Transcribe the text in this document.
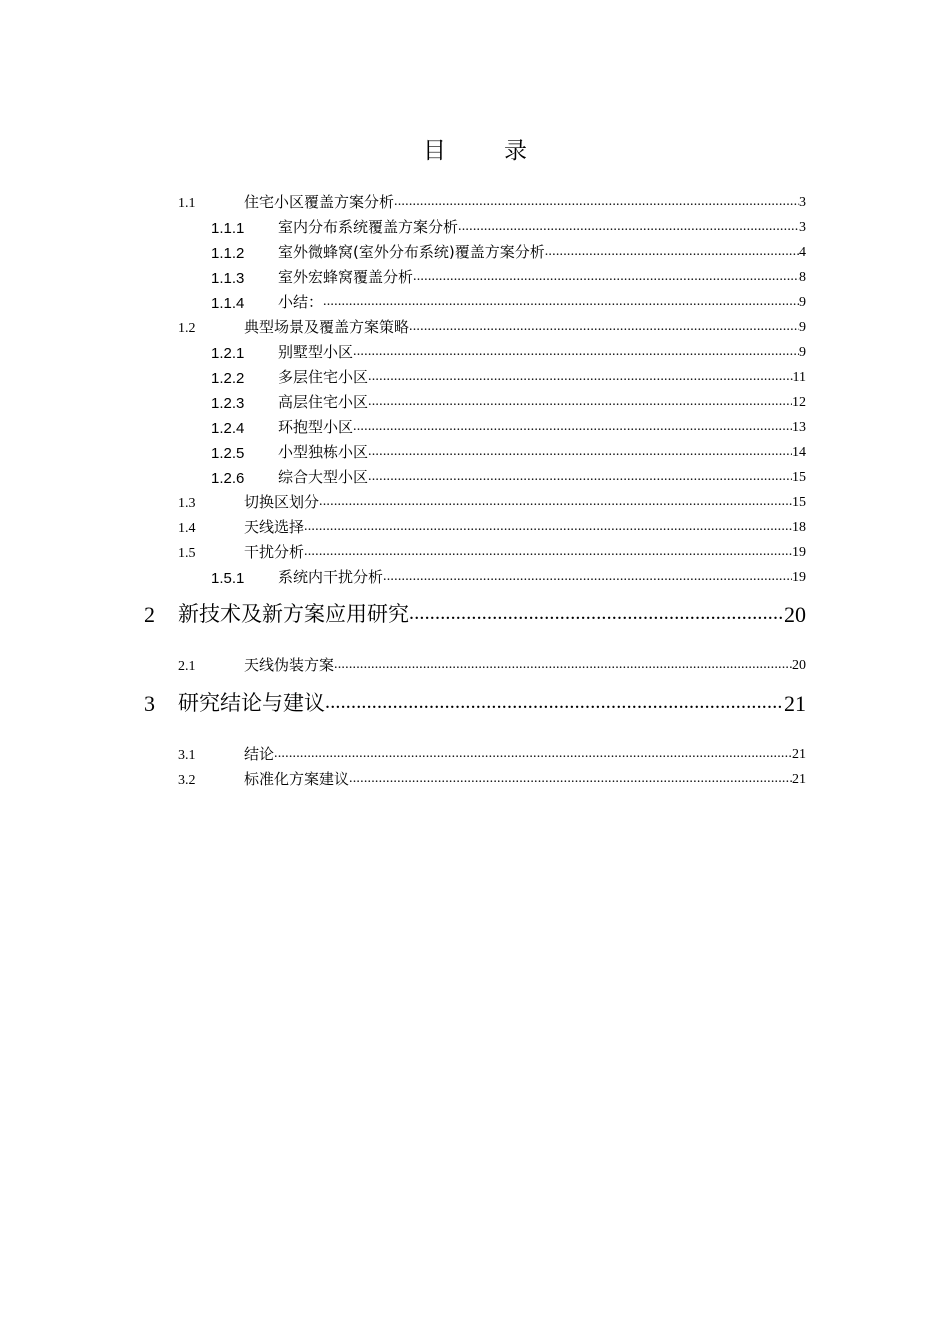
目	录
1.1	住宅小区覆盖方案分析 .....	3
1.1.1 室内分布系统覆盖方案分析 .....	3
1.1.2 室外微蜂窝(室外分布系统)覆盖方案分析 .....	4
1.1.3 室外宏蜂窝覆盖分析 .....	8
1.1.4 小结： .....	9
1.2	典型场景及覆盖方案策略 .....	9
1.2.1 别墅型小区 .....	9
1.2.2 多层住宅小区 .....	11
1.2.3 高层住宅小区 .....	12
1.2.4 环抱型小区 .....	13
1.2.5 小型独栋小区 .....	14
1.2.6 综合大型小区 .....	15
1.3	切换区划分 .....	15
1.4	天线选择 .....	18
1.5	干扰分析 .....	19
1.5.1 系统内干扰分析 .....	19
2 新技术及新方案应用研究 .....	20
2.1	天线伪装方案 .....	20
3 研究结论与建议 .....	21
3.1	结论 .....	21
3.2	标准化方案建议 .....	21
